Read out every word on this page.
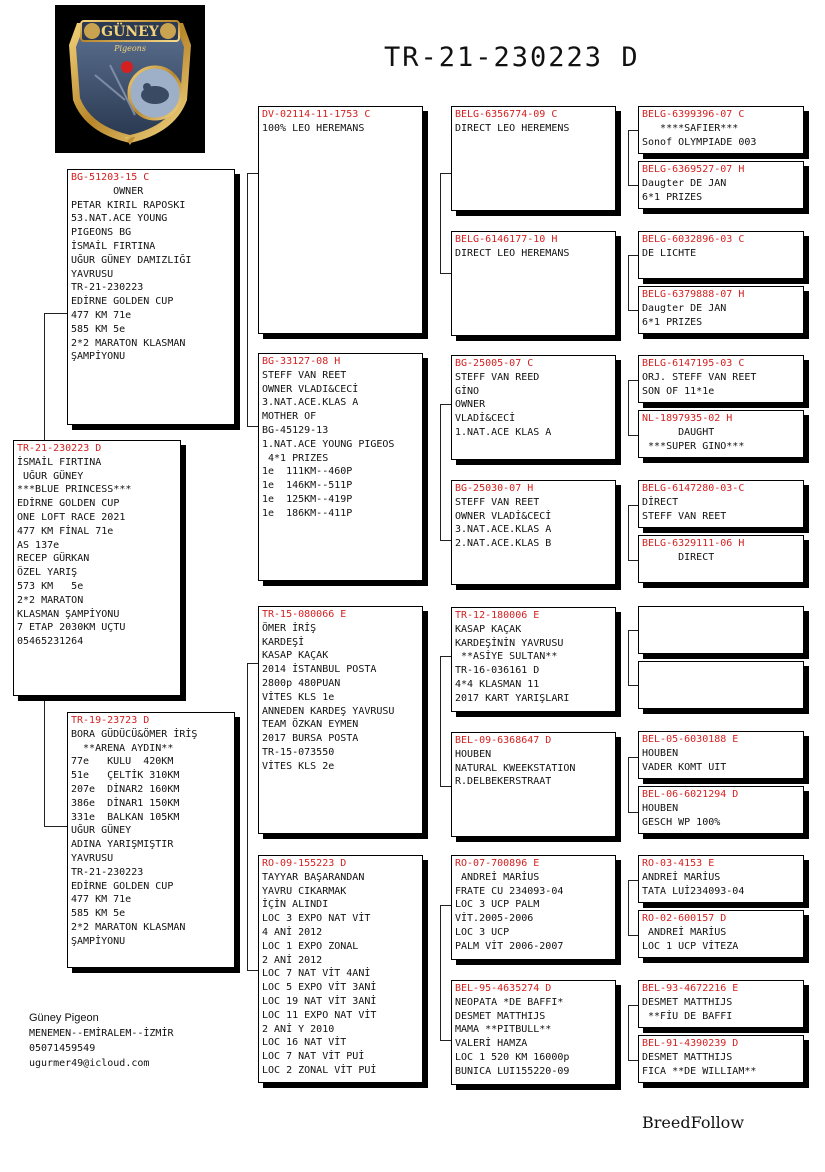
GÜNEY
Pigeons	TR-21-230223 D
TR-21-230223 D
İSMAİL FIRTINA
UĞUR GÜNEY
***BLUE PRINCESS***
EDİRNE GOLDEN CUP
ONE LOFT RACE 2021
477 KM FİNAL 71e
AS 137e
RECEP GÜRKAN
ÖZEL YARIŞ
573 KM   5e
2*2 MARATON
KLASMAN ŞAMPİYONU
7 ETAP 2030KM UÇTU
05465231264
BG-51203-15 C
OWNER
PETAR KIRIL RAPOSKI
53.NAT.ACE YOUNG
PIGEONS BG
İSMAİL FIRTINA
UĞUR GÜNEY DAMIZLIĞI
YAVRUSU
TR-21-230223
EDİRNE GOLDEN CUP
477 KM 71e
585 KM 5e
2*2 MARATON KLASMAN
ŞAMPİYONU
TR-19-23723 D
BORA GÜDÜCÜ&ÖMER İRİŞ
**ARENA AYDIN**
77e   KULU  420KM
51e   ÇELTİK 310KM
207e  DİNAR2 160KM
386e  DİNAR1 150KM
331e  BALKAN 105KM
UĞUR GÜNEY
ADINA YARIŞMIŞTIR
YAVRUSU
TR-21-230223
EDİRNE GOLDEN CUP
477 KM 71e
585 KM 5e
2*2 MARATON KLASMAN
ŞAMPİYONU
DV-02114-11-1753 C
100% LEO HEREMANS
BG-33127-08 H
STEFF VAN REET
OWNER VLADI&CECİ
3.NAT.ACE.KLAS A
MOTHER OF
BG-45129-13
1.NAT.ACE YOUNG PIGEOS
4*1 PRIZES
1e  111KM--460P
1e  146KM--511P
1e  125KM--419P
1e  186KM--411P
TR-15-080066 E
ÖMER İRİŞ
KARDEŞİ
KASAP KAÇAK
2014 İSTANBUL POSTA
2800p 480PUAN
VİTES KLS 1e
ANNEDEN KARDEŞ YAVRUSU
TEAM ÖZKAN EYMEN
2017 BURSA POSTA
TR-15-073550
VİTES KLS 2e
RO-09-155223 D
TAYYAR BAŞARANDAN
YAVRU CIKARMAK
İÇİN ALINDI
LOC 3 EXPO NAT VİT
4 ANİ 2012
LOC 1 EXPO ZONAL
2 ANİ 2012
LOC 7 NAT VİT 4ANİ
LOC 5 EXPO VİT 3ANİ
LOC 19 NAT VİT 3ANİ
LOC 11 EXPO NAT VİT
2 ANİ Y 2010
LOC 16 NAT VİT
LOC 7 NAT VİT PUİ
LOC 2 ZONAL VİT PUİ
BELG-6356774-09 C
DIRECT LEO HEREMENS
BELG-6146177-10 H
DIRECT LEO HEREMANS
BG-25005-07 C
STEFF VAN REED
GİNO
OWNER
VLADİ&CECİ
1.NAT.ACE KLAS A
BG-25030-07 H
STEFF VAN REET
OWNER VLADİ&CECİ
3.NAT.ACE.KLAS A
2.NAT.ACE.KLAS B
TR-12-180006 E
KASAP KAÇAK
KARDEŞİNİN YAVRUSU
**ASİYE SULTAN**
TR-16-036161 D
4*4 KLASMAN 11
2017 KART YARIŞLARI
BEL-09-6368647 D
HOUBEN
NATURAL KWEEKSTATION
R.DELBEKERSTRAAT
RO-07-700896 E
ANDREİ MARİUS
FRATE CU 234093-04
LOC 3 UCP PALM
VİT.2005-2006
LOC 3 UCP
PALM VİT 2006-2007
BEL-95-4635274 D
NEOPATA *DE BAFFI*
DESMET MATTHIJS
MAMA **PITBULL**
VALERİ HAMZA
LOC 1 520 KM 16000p
BUNICA LUI155220-09
BELG-6399396-07 C
****SAFIER***
Sonof OLYMPIADE 003
BELG-6369527-07 H
Daugter DE JAN
6*1 PRIZES
BELG-6032896-03 C
DE LICHTE
BELG-6379888-07 H
Daugter DE JAN
6*1 PRIZES
BELG-6147195-03 C
ORJ. STEFF VAN REET
SON OF 11*1e
NL-1897935-02 H
DAUGHT
***SUPER GINO***
BELG-6147280-03-C
DİRECT
STEFF VAN REET
BELG-6329111-06 H
DIRECT
BEL-05-6030188 E
HOUBEN
VADER KOMT UIT
BEL-06-6021294 D
HOUBEN
GESCH WP 100%
RO-03-4153 E
ANDREİ MARİUS
TATA LUİ234093-04
RO-02-600157 D
ANDREİ MARİUS
LOC 1 UCP VİTEZA
BEL-93-4672216 E
DESMET MATTHIJS
**FİU DE BAFFI
BEL-91-4390239 D
DESMET MATTHIJS
FICA **DE WILLIAM**
Güney Pigeon
MENEMEN--EMİRALEM--İZMİR
05071459549
ugurmer49@icloud.com
BreedFollow
